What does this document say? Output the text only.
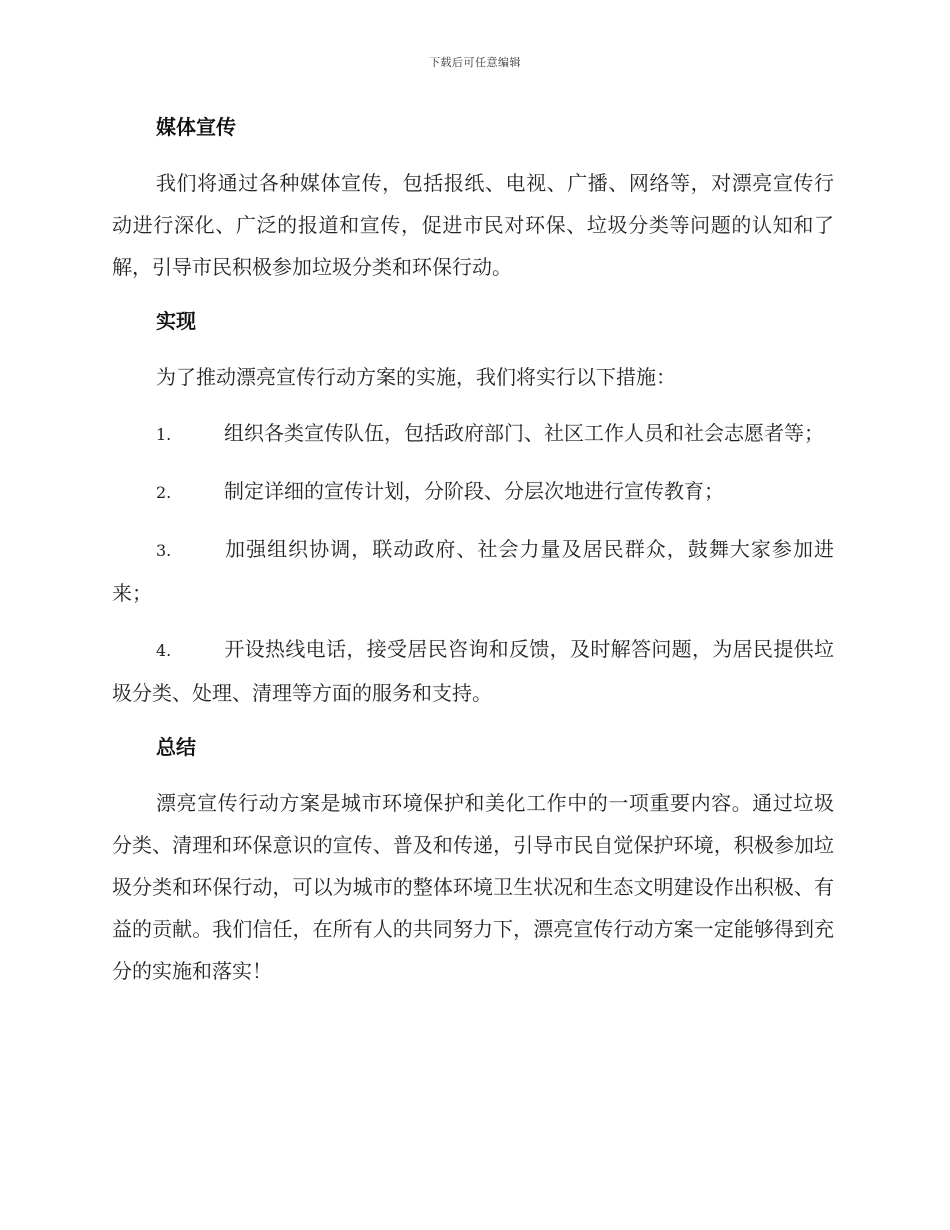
下载后可任意编辑
媒体宣传

我们将通过各种媒体宣传，包括报纸、电视、广播、网络等，对漂亮宣传行动进行深化、广泛的报道和宣传，促进市民对环保、垃圾分类等问题的认知和了解，引导市民积极参加垃圾分类和环保行动。

实现

为了推动漂亮宣传行动方案的实施，我们将实行以下措施：

1.	组织各类宣传队伍，包括政府部门、社区工作人员和社会志愿者等；

2.	制定详细的宣传计划，分阶段、分层次地进行宣传教育；

3.	加强组织协调，联动政府、社会力量及居民群众，鼓舞大家参加进来；

4.	开设热线电话，接受居民咨询和反馈，及时解答问题，为居民提供垃圾分类、处理、清理等方面的服务和支持。

总结

漂亮宣传行动方案是城市环境保护和美化工作中的一项重要内容。通过垃圾分类、清理和环保意识的宣传、普及和传递，引导市民自觉保护环境，积极参加垃圾分类和环保行动，可以为城市的整体环境卫生状况和生态文明建设作出积极、有益的贡献。我们信任，在所有人的共同努力下，漂亮宣传行动方案一定能够得到充分的实施和落实！
